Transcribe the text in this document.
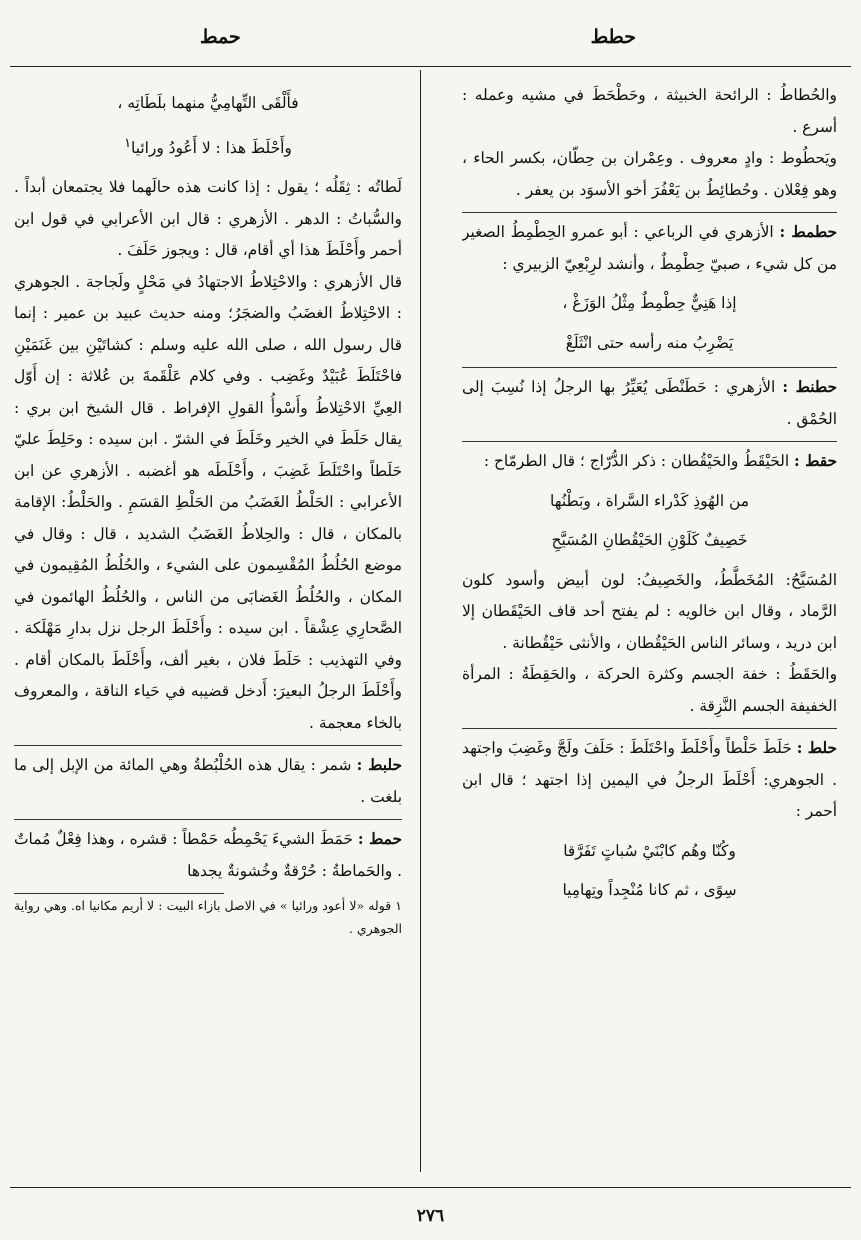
حطط
حمط

والحُطاطُ : الرائحة الخبيثة ، وحَطْحَطَ في مشيه وعمله : أسرع .

ويَحطُوط : وادٍ معروف . وعِمْران بن حِطّان، بكسر الحاء ، وهو فِعْلان . وحُطائِطُ بن يَعْفُرَ أخو الأسوَد بن يعفر .

حطمط : الأزهري في الرباعي : أبو عمرو الحِطْمِطُ الصغير من كل شيء ، صبيّ حِطْمِطٌ ، وأنشد لرِبْعِيّ الزبيري :

إذا هَنِيٌّ حِطْمِطٌ مِثْلُ الوَزَغْ ،

يَضْرِبُ منه رأسه حتى انْثَلَغْ

حطنط : الأزهري : حَطَنْطَى يُعَيِّرُ بها الرجلُ إذا نُسِبَ إلى الحُمْق .

حقط : الحَيْقَطُ والحَيْقُطان : ذكر الدُّرّاج ؛ قال الطرمّاح :

من الهُوذِ كَدْراء السَّراة ، وبَطْنُها

خَصِيفٌ كَلَوْنِ الحَيْقُطانِ المُسَيَّحِ

المُسَيَّحُ: المُخَطَّطُ، والخَصِيفُ: لون أبيض وأسود كلون الرَّماد ، وقال ابن خالويه : لم يفتح أحد قاف الحَيْقَطان إلا ابن دريد ، وسائر الناس الحَيْقُطان ، والأنثى حَيْقُطانة .

والحَقَطُ : خفة الجسم وكثرة الحركة ، والحَقِطَةُ : المرأة الخفيفة الجسم النَّزِقة .

حلط : حَلَطَ حَلْطاً وأَحْلَطَ واحْتَلَطَ : حَلَفَ ولَجَّ وغَضِبَ واجتهد . الجوهري: أَحْلَطَ الرجلُ في اليمين إذا اجتهد ؛ قال ابن أحمر :

وكُنّا وهُم كابْنَيْ سُباتٍ تَفَرَّقا

سِوًى ، ثم كانا مُنْجِداً وتِهامِيا

فأَلْقَى التِّهامِيُّ منهما بلَطَاتِه ،

وأَحْلَطَ هذا : لا أَعُودُ ورائيا$^١$

لَطاتُه : ثِقَلُه ؛ يقول : إذا كانت هذه حالَهما فلا يجتمعان أبداً . والسُّباتُ : الدهر . الأزهري : قال ابن الأعرابي في قول ابن أحمر وأَحْلَطَ هذا أي أقام، قال : ويجوز حَلَفَ .

قال الأزهري : والاحْتِلاطُ الاجتهادُ في مَحْلٍ ولَجاجة . الجوهري : الاحْتِلاطُ الغضَبُ والضجَرُ؛ ومنه حديث عبيد بن عمير : إنما قال رسول الله ، صلى الله عليه وسلم : كشاتَيْنِ بين غَنَمَيْنِ فاحْتَلَطَ عُبَيْدٌ وغَضِب . وفي كلام عَلْقَمةَ بن عُلاثة : إن أَوّل العِيِّ الاحْتِلاطُ وأَسْوأُ القولِ الإفراط . قال الشيخ ابن بري : يقال حَلَطَ في الخير وخَلَطَ في الشرّ . ابن سيده : وحَلِطَ عليّ حَلَطاً واحْتَلَطَ غَضِبَ ، وأَحْلَطَه هو أغضبه . الأزهري عن ابن الأعرابي : الحَلْطُ الغَضَبُ من الحَلْطِ القسَمِ . والحَلْطُ: الإقامة بالمكان ، قال : والحِلاطُ الغَضَبُ الشديد ، قال : وقال في موضع الحُلُطُ المُقْسِمون على الشيء ، والحُلُطُ المُقِيمون في المكان ، والحُلُطُ الغَضابَى من الناس ، والحُلُطُ الهائمون في الصَّحارِي عِشْقاً . ابن سيده : وأَحْلَطَ الرجل نزل بدارِ مَهْلَكة . وفي التهذيب : حَلَطَ فلان ، بغير ألف، وأَحْلَطَ بالمكان أقام . وأَحْلَطَ الرجلُ البعيرَ: أَدخل قضيبه في حَياء الناقة ، والمعروف بالخاء معجمة .

حلبط : شمر : يقال هذه الحُلْبُطةُ وهي المائة من الإبل إلى ما بلغت .

حمط : حَمَطَ الشيءَ يَحْمِطُه حَمْطاً : قشره ، وهذا فِعْلٌ مُماتٌ . والحَماطةُ : حُرْقةٌ وخُشونةٌ يجدها

١ قوله «لا أعود ورائيا » في الاصل بازاء البيت : لا أريم مكانيا اه. وهي رواية الجوهري .

٢٧٦
